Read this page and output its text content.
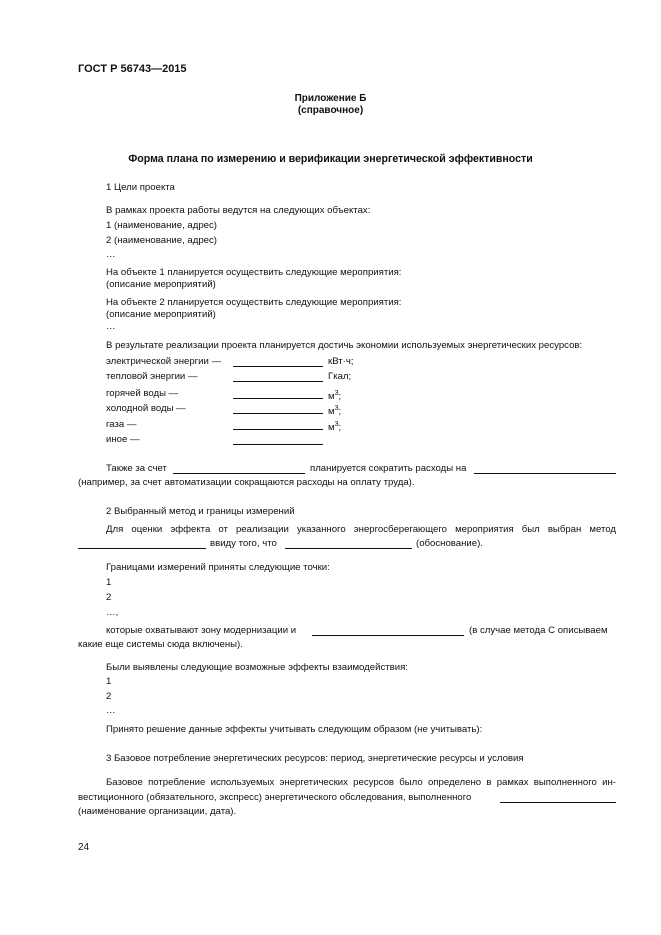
ГОСТ Р 56743—2015
Приложение Б
(справочное)
Форма плана по измерению и верификации энергетической эффективности
1 Цели проекта
В рамках проекта работы ведутся на следующих объектах:
1 (наименование, адрес)
2 (наименование, адрес)
…
На объекте 1 планируется осуществить следующие мероприятия:
(описание мероприятий)
На объекте 2 планируется осуществить следующие мероприятия:
(описание мероприятий)
…
В результате реализации проекта планируется достичь экономии используемых энергетических ресурсов:
электрической энергии —	кВт·ч;
тепловой энергии —	Гкал;
горячей воды —	$м^3$;
холодной воды —	$м^3$;
газа —	$м^3$;
иное —
Также за счет	планируется сократить расходы на
(например, за счет автоматизации сокращаются расходы на оплату труда).
2 Выбранный метод и границы измерений
Для оценки эффекта от реализации указанного энергосберегающего мероприятия был выбран метод
ввиду того, что	(обоснование).
Границами измерений приняты следующие точки:
1
2
…,
которые охватывают зону модернизации и	(в случае метода С описываем
какие еще системы сюда включены).
Были выявлены следующие возможные эффекты взаимодействия:
1
2
…
Принято решение данные эффекты учитывать следующим образом (не учитывать):
3 Базовое потребление энергетических ресурсов: период, энергетические ресурсы и условия
Базовое потребление используемых энергетических ресурсов было определено в рамках выполненного ин-
вестиционного (обязательного, экспресс) энергетического обследования, выполненного
(наименование организации, дата).
24
